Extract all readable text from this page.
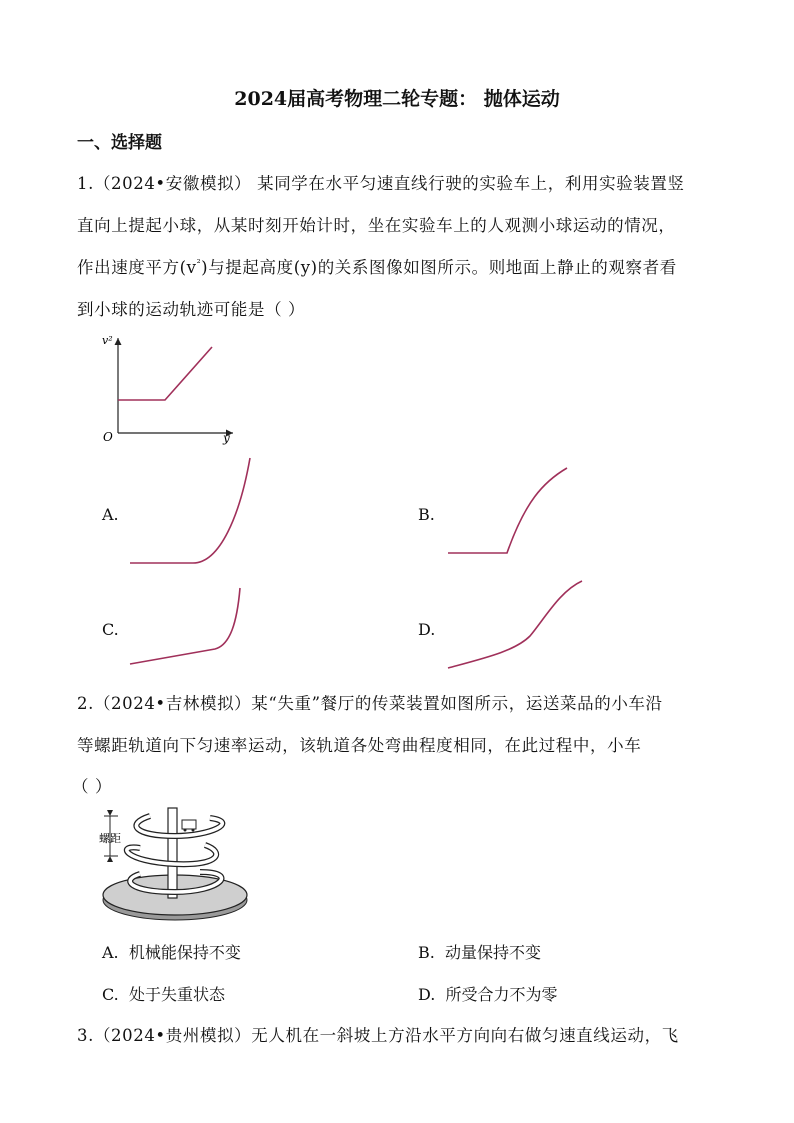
2024届高考物理二轮专题： 抛体运动
一、选择题
1.（2024•安徽模拟） 某同学在水平匀速直线行驶的实验车上，利用实验装置竖
直向上提起小球，从某时刻开始计时，坐在实验车上的人观测小球运动的情况，
作出速度平方$(v^{^2})$与提起高度(y)的关系图像如图所示。则地面上静止的观察者看
到小球的运动轨迹可能是（ ）
v²
O	y
A.	B.
C.	D.
2.（2024•吉林模拟）某“失重”餐厅的传菜装置如图所示，运送菜品的小车沿
等螺距轨道向下匀速率运动，该轨道各处弯曲程度相同，在此过程中，小车
（ ）
螺距
A. 机械能保持不变	B. 动量保持不变
C. 处于失重状态	D. 所受合力不为零
3.（2024•贵州模拟）无人机在一斜坡上方沿水平方向向右做匀速直线运动，飞
